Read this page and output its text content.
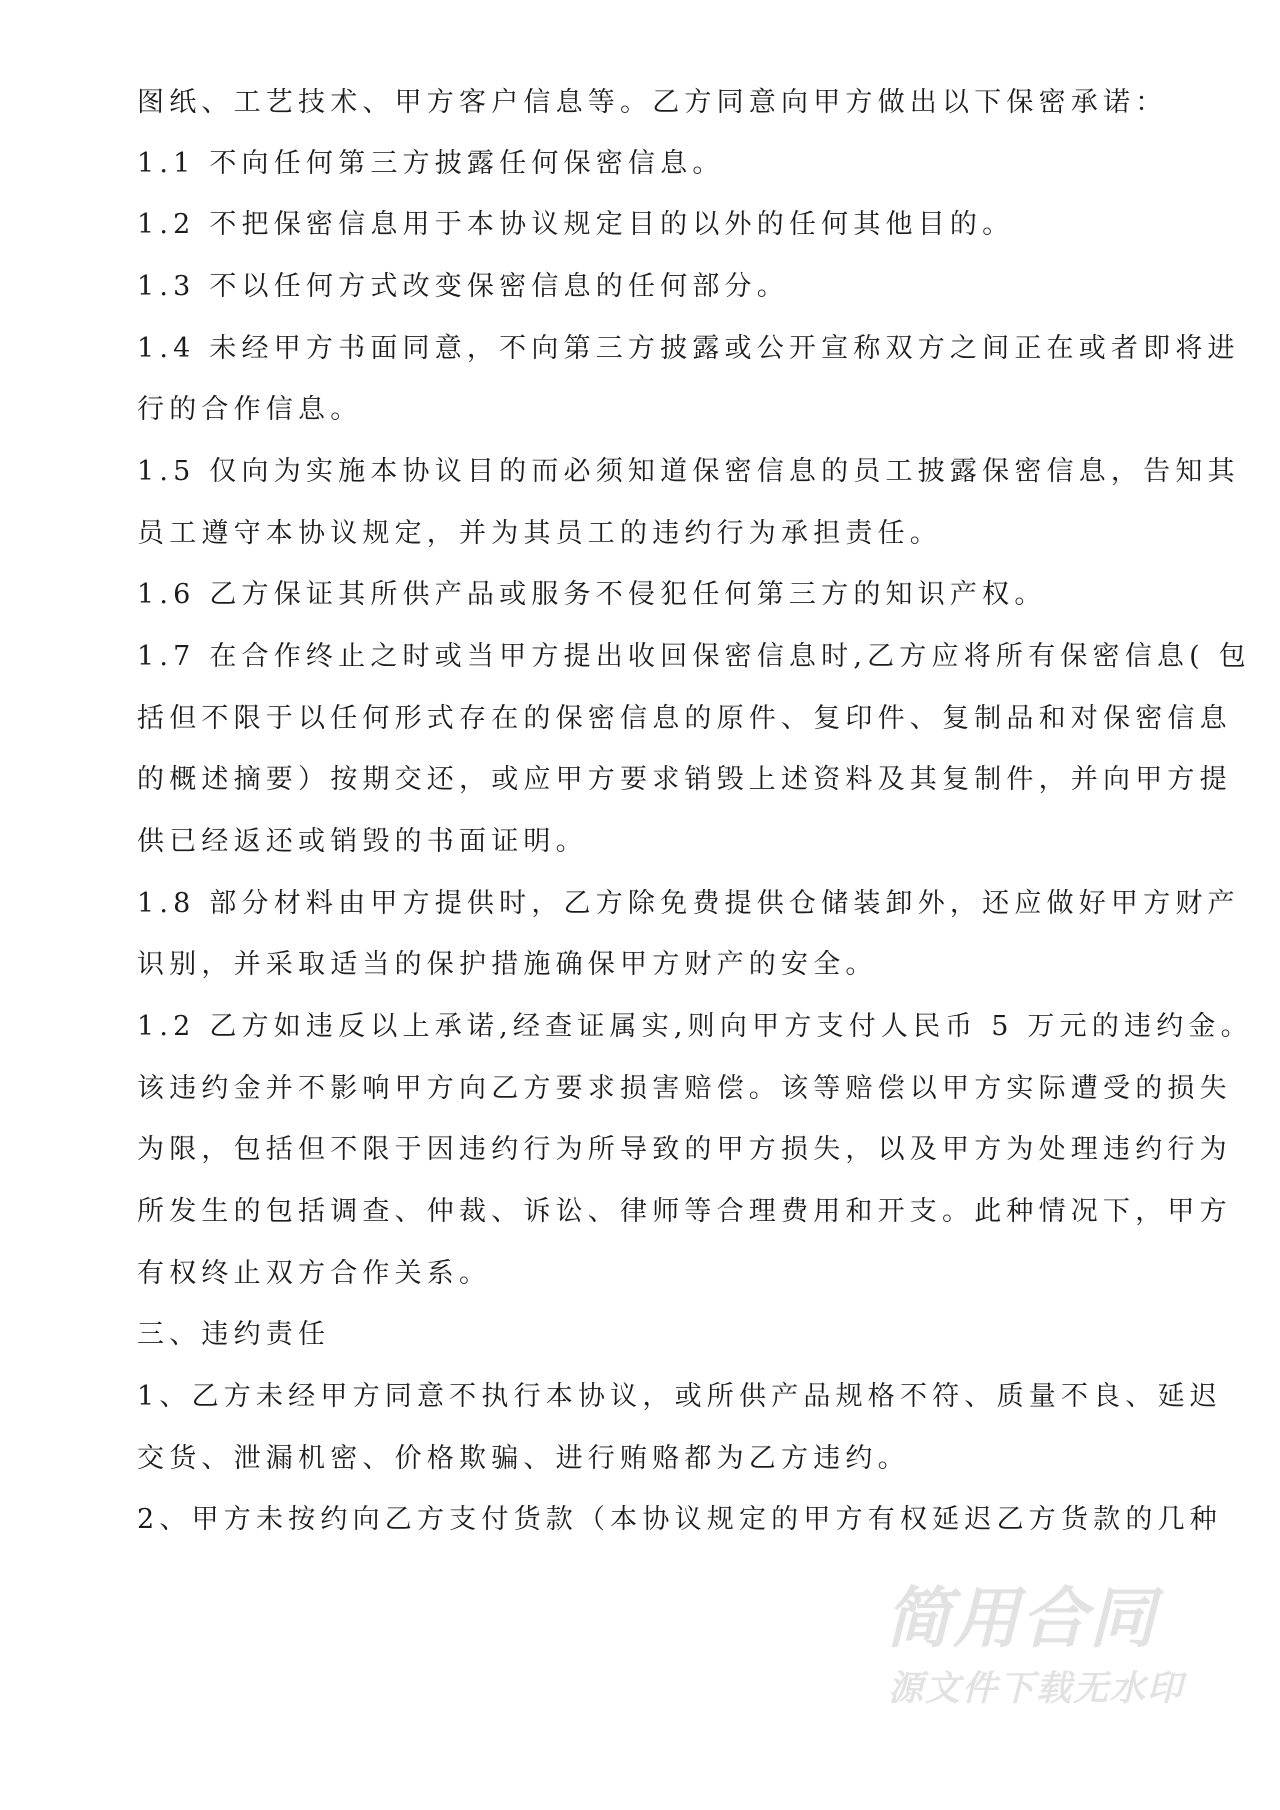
简用合同
源文件下载无水印
图纸、工艺技术、甲方客户信息等。乙方同意向甲方做出以下保密承诺：
1.1 不向任何第三方披露任何保密信息。
1.2 不把保密信息用于本协议规定目的以外的任何其他目的。
1.3 不以任何方式改变保密信息的任何部分。
1.4 未经甲方书面同意，不向第三方披露或公开宣称双方之间正在或者即将进
行的合作信息。
1.5 仅向为实施本协议目的而必须知道保密信息的员工披露保密信息，告知其
员工遵守本协议规定，并为其员工的违约行为承担责任。
1.6 乙方保证其所供产品或服务不侵犯任何第三方的知识产权。
1.7 在合作终止之时或当甲方提出收回保密信息时,乙方应将所有保密信息( 包
括但不限于以任何形式存在的保密信息的原件、复印件、复制品和对保密信息
的概述摘要）按期交还，或应甲方要求销毁上述资料及其复制件，并向甲方提
供已经返还或销毁的书面证明。
1.8 部分材料由甲方提供时，乙方除免费提供仓储装卸外，还应做好甲方财产
识别，并采取适当的保护措施确保甲方财产的安全。
1.2 乙方如违反以上承诺,经查证属实,则向甲方支付人民币 5 万元的违约金。
该违约金并不影响甲方向乙方要求损害赔偿。该等赔偿以甲方实际遭受的损失
为限，包括但不限于因违约行为所导致的甲方损失，以及甲方为处理违约行为
所发生的包括调查、仲裁、诉讼、律师等合理费用和开支。此种情况下，甲方
有权终止双方合作关系。
三、违约责任
1、乙方未经甲方同意不执行本协议，或所供产品规格不符、质量不良、延迟
交货、泄漏机密、价格欺骗、进行贿赂都为乙方违约。
2、甲方未按约向乙方支付货款（本协议规定的甲方有权延迟乙方货款的几种
